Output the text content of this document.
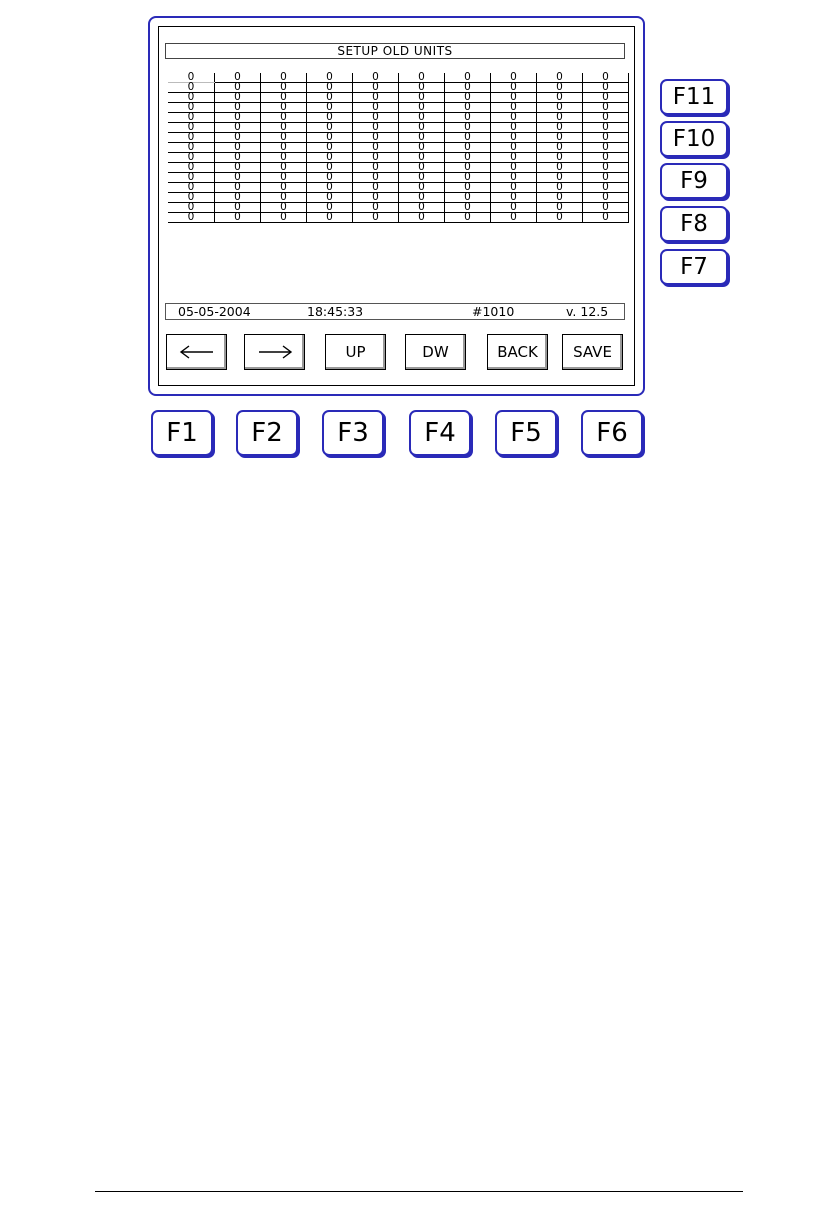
SETUP OLD UNITS
0	0	0	0	0	0	0	0	0	0
0	0	0	0	0	0	0	0	0	0
0	0	0	0	0	0	0	0	0	0
0	0	0	0	0	0	0	0	0	0
0	0	0	0	0	0	0	0	0	0
0	0	0	0	0	0	0	0	0	0
0	0	0	0	0	0	0	0	0	0
0	0	0	0	0	0	0	0	0	0
0	0	0	0	0	0	0	0	0	0
0	0	0	0	0	0	0	0	0	0
0	0	0	0	0	0	0	0	0	0
0	0	0	0	0	0	0	0	0	0
0	0	0	0	0	0	0	0	0	0
0	0	0	0	0	0	0	0	0	0
0	0	0	0	0	0	0	0	0	0
05-05-2004	18:45:33	#1010	v. 12.5
UP	DW	BACK	SAVE
F11
F10
F9
F8
F7
F1	F2	F3	F4	F5	F6
